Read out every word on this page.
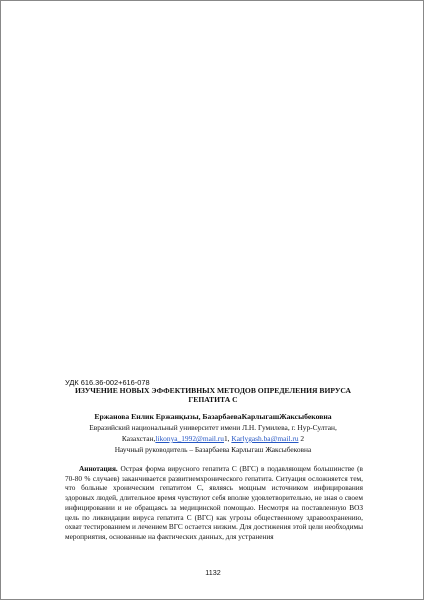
УДК 616.36-002+616-078
ИЗУЧЕНИЕ НОВЫХ ЭФФЕКТИВНЫХ МЕТОДОВ ОПРЕДЕЛЕНИЯ ВИРУСА
ГЕПАТИТА С
Ержанова Енлик Ержанқызы, БазарбаеваКарлыгашЖаксыбековна
Евразийский национальный университет имени Л.Н. Гумилева, г. Нур-Султан,
Казахстан,likonya_1992@mail.ru1, Karlygash.ba@mail.ru 2
Научный руководитель – Базарбаева Карлыгаш Жаксыбековна

Аннотация. Острая форма вирусного гепатита С (ВГС) в подавляющем большинстве (в 70-80 % случаев) заканчивается развитиемхронического гепатита. Ситуация осложняется тем, что больные хроническим гепатитом С, являясь мощным источником инфицирования здоровых людей, длительное время чувствуют себя вполне удовлетворительно, не зная о своем инфицировании и не обращаясь за медицинской помощью. Несмотря на поставленную ВОЗ цель по ликвидации вируса гепатита С (ВГС) как угрозы общественному здравоохранению, охват тестированием и лечением ВГС остается низким. Для достижения этой цели необходимы мероприятия, основанные на фактических данных, для устранения

1132
